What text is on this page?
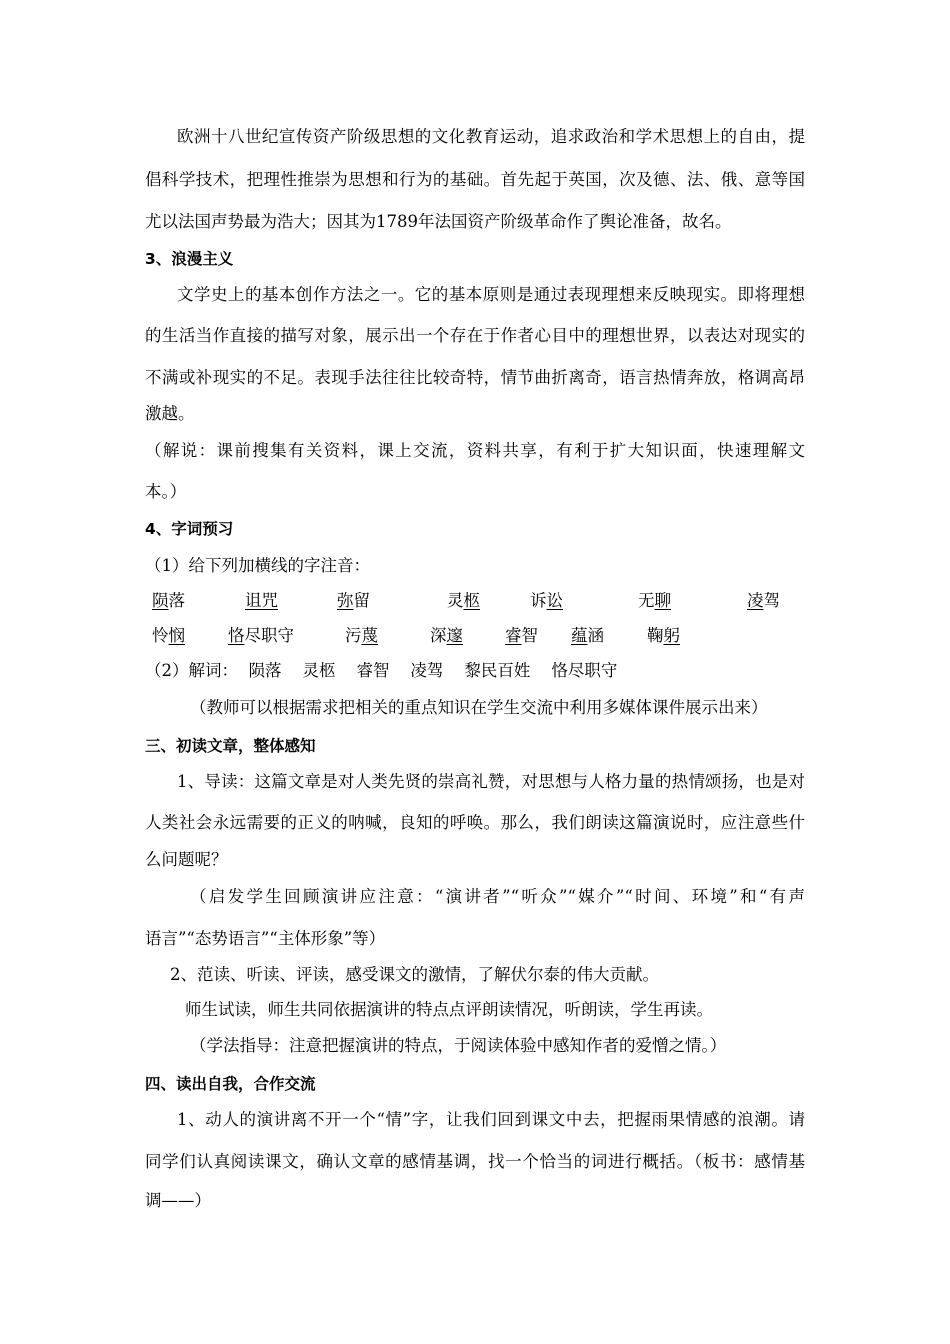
欧洲十八世纪宣传资产阶级思想的文化教育运动，追求政治和学术思想上的自由，提
倡科学技术，把理性推崇为思想和行为的基础。首先起于英国，次及德、法、俄、意等国
尤以法国声势最为浩大；因其为1789年法国资产阶级革命作了舆论准备，故名。
3、浪漫主义
文学史上的基本创作方法之一。它的基本原则是通过表现理想来反映现实。即将理想
的生活当作直接的描写对象，展示出一个存在于作者心目中的理想世界，以表达对现实的
不满或补现实的不足。表现手法往往比较奇特，情节曲折离奇，语言热情奔放，格调高昂
激越。
（解说：课前搜集有关资料，课上交流，资料共享，有利于扩大知识面，快速理解文
本。）
4、字词预习
（1）给下列加横线的字注音：
陨落	诅咒	弥留	灵柩	诉讼	无聊	凌驾
怜悯	恪尽职守	污蔑	深邃	睿智 蕴涵	鞠躬
（2）解词：  陨落    灵柩    睿智    凌驾    黎民百姓    恪尽职守
（教师可以根据需求把相关的重点知识在学生交流中利用多媒体课件展示出来）
三、初读文章，整体感知
1、导读：这篇文章是对人类先贤的崇高礼赞，对思想与人格力量的热情颂扬，也是对
人类社会永远需要的正义的呐喊，良知的呼唤。那么，我们朗读这篇演说时，应注意些什
么问题呢？
（启发学生回顾演讲应注意：“演讲者”“听众”“媒介”“时间、环境”和“有声
语言”“态势语言”“主体形象”等）
2、范读、听读、评读，感受课文的激情，了解伏尔泰的伟大贡献。
师生试读，师生共同依据演讲的特点点评朗读情况，听朗读，学生再读。
（学法指导：注意把握演讲的特点，于阅读体验中感知作者的爱憎之情。）
四、读出自我，合作交流
1、动人的演讲离不开一个“情”字，让我们回到课文中去，把握雨果情感的浪潮。请
同学们认真阅读课文，确认文章的感情基调，找一个恰当的词进行概括。（板书：感情基
调——）
